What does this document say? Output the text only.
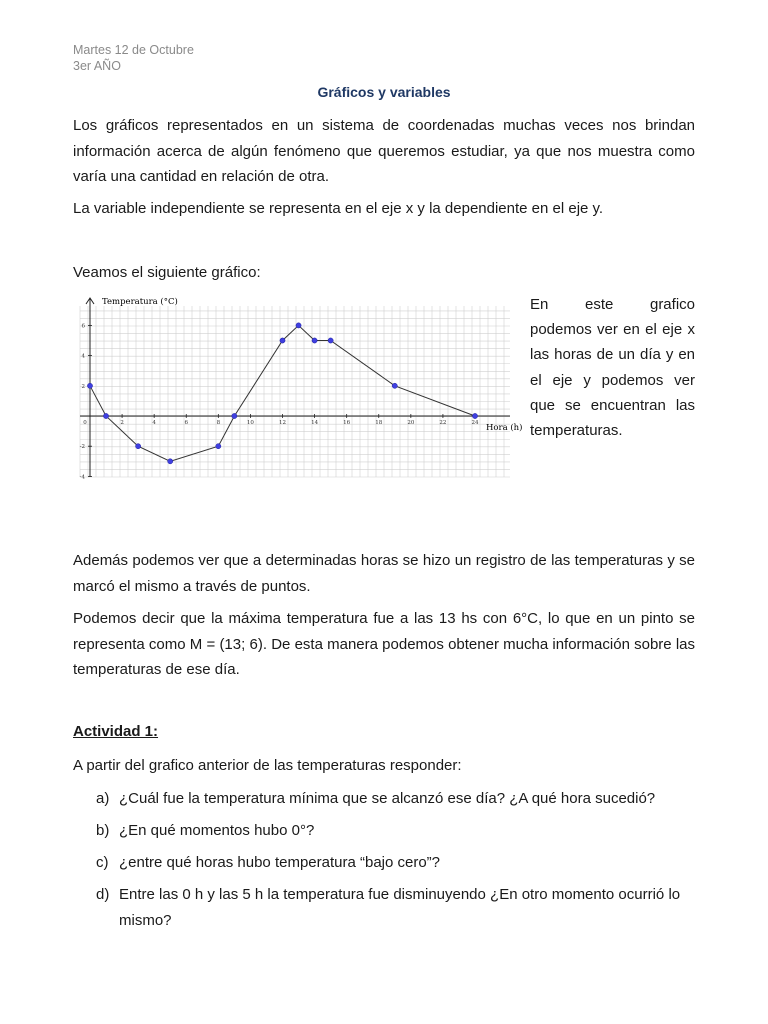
Martes 12 de Octubre
3er AÑO
Gráficos y variables
Los gráficos representados en un sistema de coordenadas muchas veces nos brindan información acerca de algún fenómeno que queremos estudiar, ya que nos muestra como varía una cantidad en relación de otra.
La variable independiente se representa en el eje x y la dependiente en el eje y.
Veamos el siguiente gráfico:
0	2	4	6	8	10	12	14	16	18	20	22	24
6
4
2
-2
-4
Temperatura (°C)
Hora (h)
En este grafico podemos ver en el eje x las horas de un día y en el eje y podemos ver que se encuentran las temperaturas.
Además podemos ver que a determinadas horas se hizo un registro de las temperaturas y se marcó el mismo a través de puntos.
Podemos decir que la máxima temperatura fue a las 13 hs con 6°C, lo que en un pinto se representa como M = (13; 6). De esta manera podemos obtener mucha información sobre las temperaturas de ese día.
Actividad 1:
A partir del grafico anterior de las temperaturas responder:
a) ¿Cuál fue la temperatura mínima que se alcanzó ese día? ¿A qué hora sucedió?
b) ¿En qué momentos hubo 0°?
c) ¿entre qué horas hubo temperatura “bajo cero”?
d) Entre las 0 h y las 5 h la temperatura fue disminuyendo ¿En otro momento ocurrió lo mismo?
